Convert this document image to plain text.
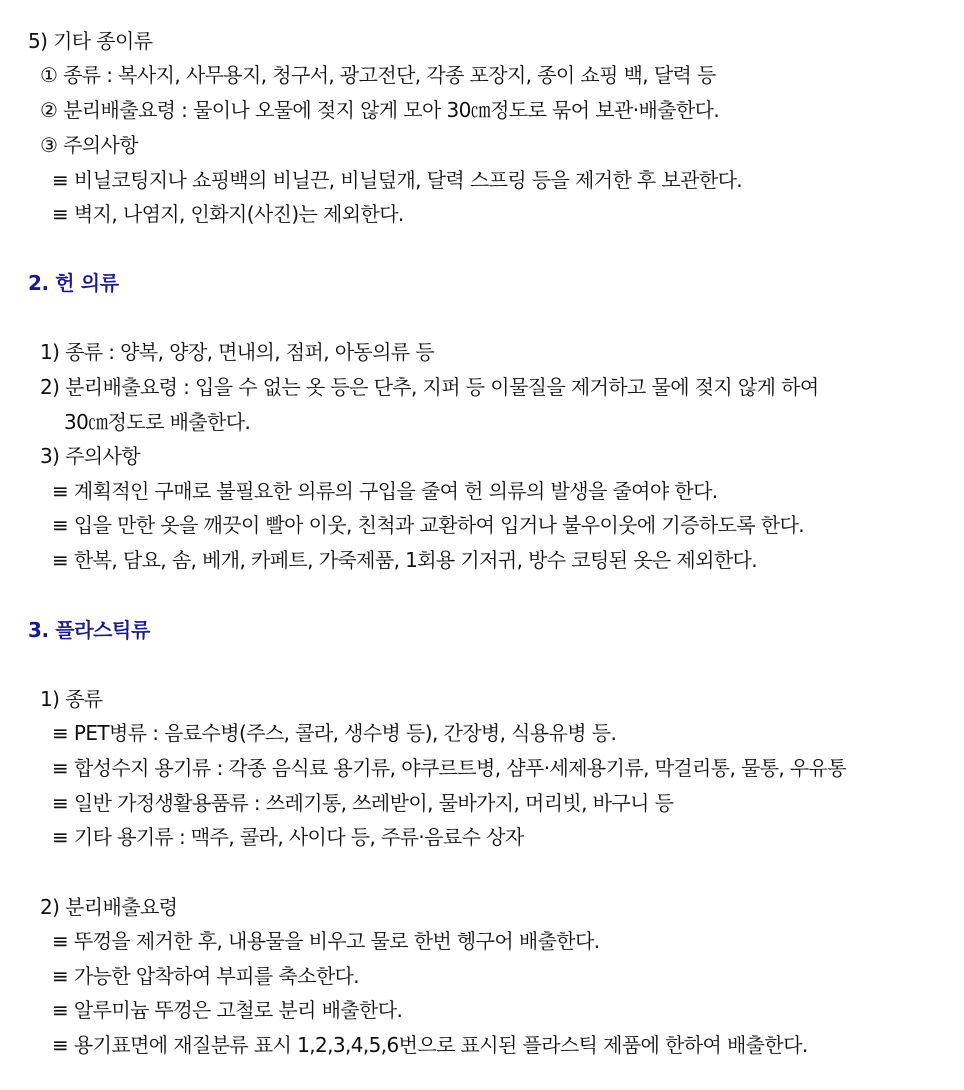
5) 기타 종이류
① 종류 : 복사지, 사무용지, 청구서, 광고전단, 각종 포장지, 종이 쇼핑 백, 달력 등
② 분리배출요령 : 물이나 오물에 젖지 않게 모아 30㎝정도로 묶어 보관·배출한다.
③ 주의사항
≡ 비닐코팅지나 쇼핑백의 비닐끈, 비닐덮개, 달력 스프링 등을 제거한 후 보관한다.
≡ 벽지, 나염지, 인화지(사진)는 제외한다.
2. 헌 의류
1) 종류 : 양복, 양장, 면내의, 점퍼, 아동의류 등
2) 분리배출요령 : 입을 수 없는 옷 등은 단추, 지퍼 등 이물질을 제거하고 물에 젖지 않게 하여
30㎝정도로 배출한다.
3) 주의사항
≡ 계획적인 구매로 불필요한 의류의 구입을 줄여 헌 의류의 발생을 줄여야 한다.
≡ 입을 만한 옷을 깨끗이 빨아 이웃, 친척과 교환하여 입거나 불우이웃에 기증하도록 한다.
≡ 한복, 담요, 솜, 베개, 카페트, 가죽제품, 1회용 기저귀, 방수 코팅된 옷은 제외한다.
3. 플라스틱류
1) 종류
≡ PET병류 : 음료수병(주스, 콜라, 생수병 등), 간장병, 식용유병 등.
≡ 합성수지 용기류 : 각종 음식료 용기류, 야쿠르트병, 샴푸·세제용기류, 막걸리통, 물통, 우유통
≡ 일반 가정생활용품류 : 쓰레기통, 쓰레받이, 물바가지, 머리빗, 바구니 등
≡ 기타 용기류 : 맥주, 콜라, 사이다 등, 주류·음료수 상자
2) 분리배출요령
≡ 뚜껑을 제거한 후, 내용물을 비우고 물로 한번 헹구어 배출한다.
≡ 가능한 압착하여 부피를 축소한다.
≡ 알루미늄 뚜껑은 고철로 분리 배출한다.
≡ 용기표면에 재질분류 표시 1,2,3,4,5,6번으로 표시된 플라스틱 제품에 한하여 배출한다.
